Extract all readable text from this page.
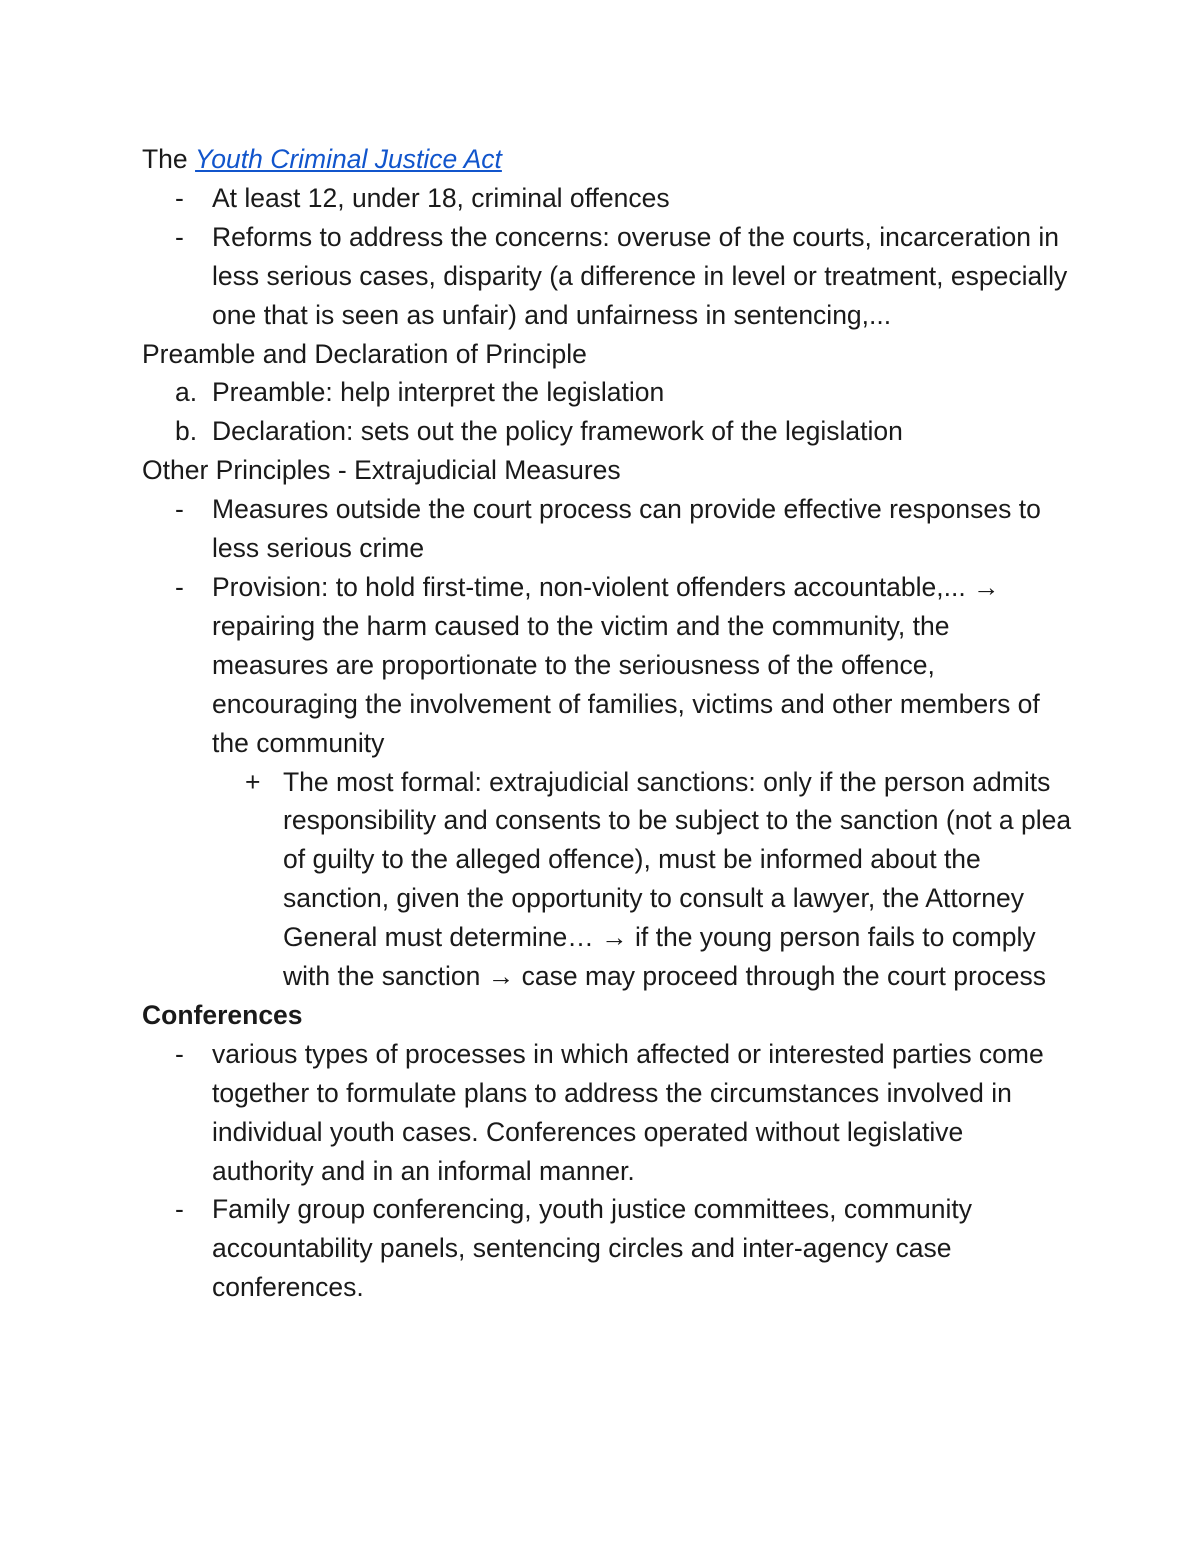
The Youth Criminal Justice Act

- At least 12, under 18, criminal offences
- Reforms to address the concerns: overuse of the courts, incarceration in less serious cases, disparity (a difference in level or treatment, especially one that is seen as unfair) and unfairness in sentencing,...

Preamble and Declaration of Principle

a. Preamble: help interpret the legislation
b. Declaration: sets out the policy framework of the legislation

Other Principles - Extrajudicial Measures

- Measures outside the court process can provide effective responses to less serious crime
- Provision: to hold first-time, non-violent offenders accountable,... → repairing the harm caused to the victim and the community, the measures are proportionate to the seriousness of the offence, encouraging the involvement of families, victims and other members of the community
+ The most formal: extrajudicial sanctions: only if the person admits responsibility and consents to be subject to the sanction (not a plea of guilty to the alleged offence), must be informed about the sanction, given the opportunity to consult a lawyer, the Attorney General must determine… → if the young person fails to comply with the sanction → case may proceed through the court process

Conferences

- various types of processes in which affected or interested parties come together to formulate plans to address the circumstances involved in individual youth cases. Conferences operated without legislative authority and in an informal manner.
- Family group conferencing, youth justice committees, community accountability panels, sentencing circles and inter-agency case conferences.
